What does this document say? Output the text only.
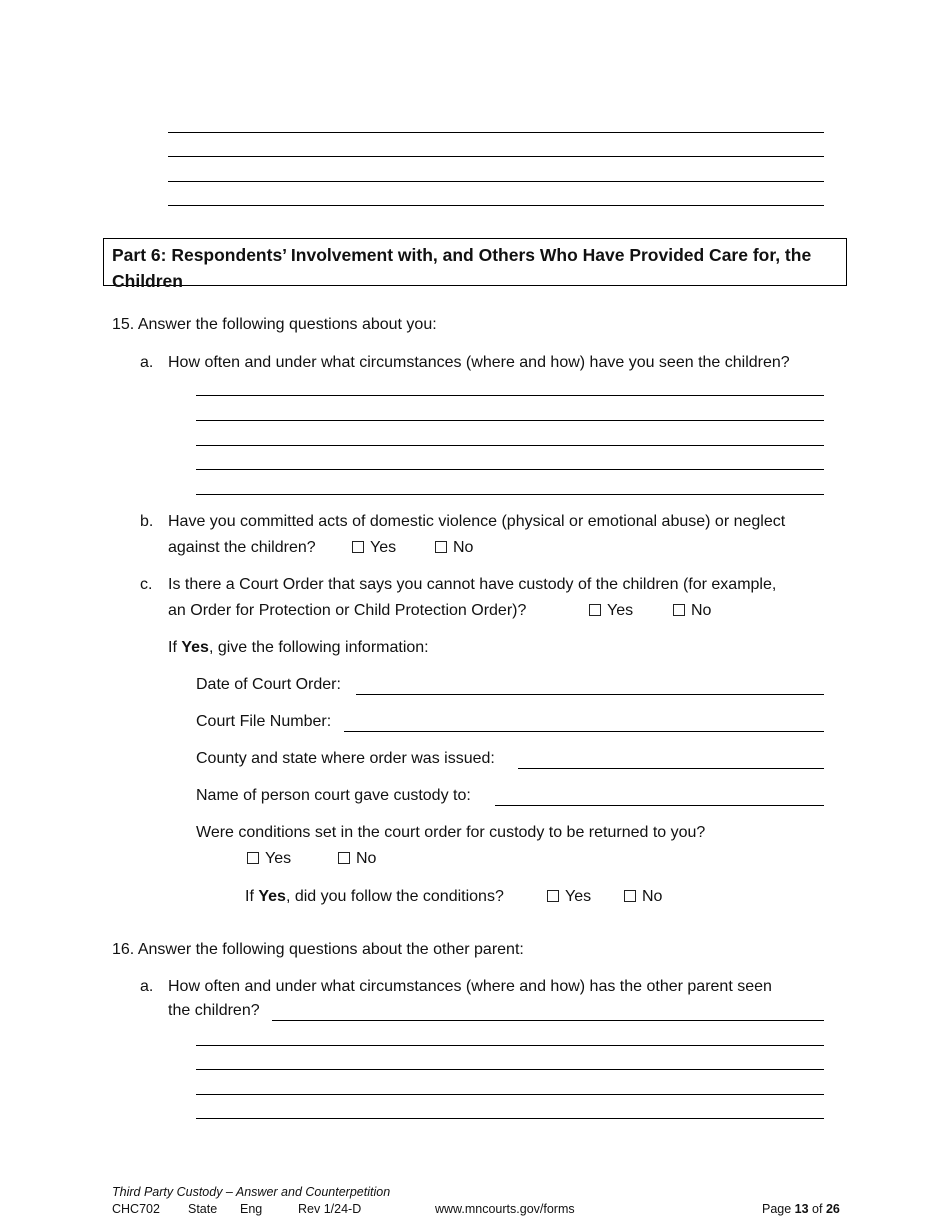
Part 6: Respondents’ Involvement with, and Others Who Have Provided Care for, the Children
15. Answer the following questions about you:
a. How often and under what circumstances (where and how) have you seen the children?
b. Have you committed acts of domestic violence (physical or emotional abuse) or neglect
against the children?	Yes	No
c. Is there a Court Order that says you cannot have custody of the children (for example,
an Order for Protection or Child Protection Order)?	Yes	No
If Yes, give the following information:
Date of Court Order:
Court File Number:
County and state where order was issued:
Name of person court gave custody to:
Were conditions set in the court order for custody to be returned to you?
Yes	No
If Yes, did you follow the conditions?	Yes	No
16. Answer the following questions about the other parent:
a. How often and under what circumstances (where and how) has the other parent seen
the children?
Third Party Custody – Answer and Counterpetition
CHC702 State Eng	Rev 1/24-D	www.mncourts.gov/forms	Page 13 of 26
